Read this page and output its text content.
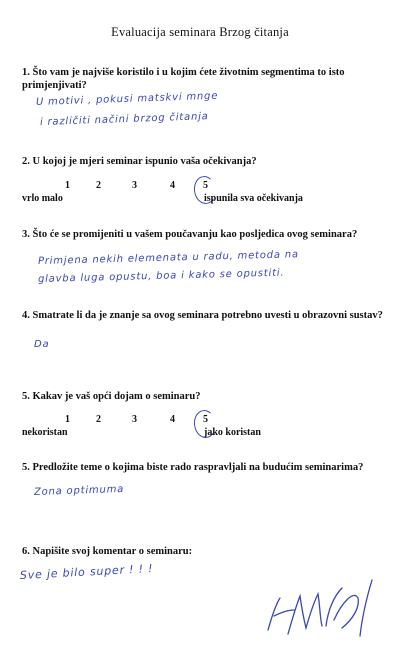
Evaluacija seminara Brzog čitanja
1. Što vam je najviše koristilo i u kojim ćete životnim segmentima to isto primjenjivati?
U motivi , pokusi matskvi mnge
i različiti načini brzog čitanja
2. U kojoj je mjeri seminar ispunio vaša očekivanja?
1	2	3	4	5
vrlo malo	ispunila sva očekivanja
3. Što će se promijeniti u vašem poučavanju kao posljedica ovog seminara?
Primjena nekih elemenata u radu, metoda na
glavba luga opustu, boa i kako se opustiti.
4. Smatrate li da je znanje sa ovog seminara potrebno uvesti u obrazovni sustav?
Da
5. Kakav je vaš opći dojam o seminaru?
1	2	3	4	5
nekoristan	jako koristan
5. Predložite teme o kojima biste rado raspravljali na budućim seminarima?
Zona optimuma
6. Napišite svoj komentar o seminaru:
Sve je bilo super ! ! !
